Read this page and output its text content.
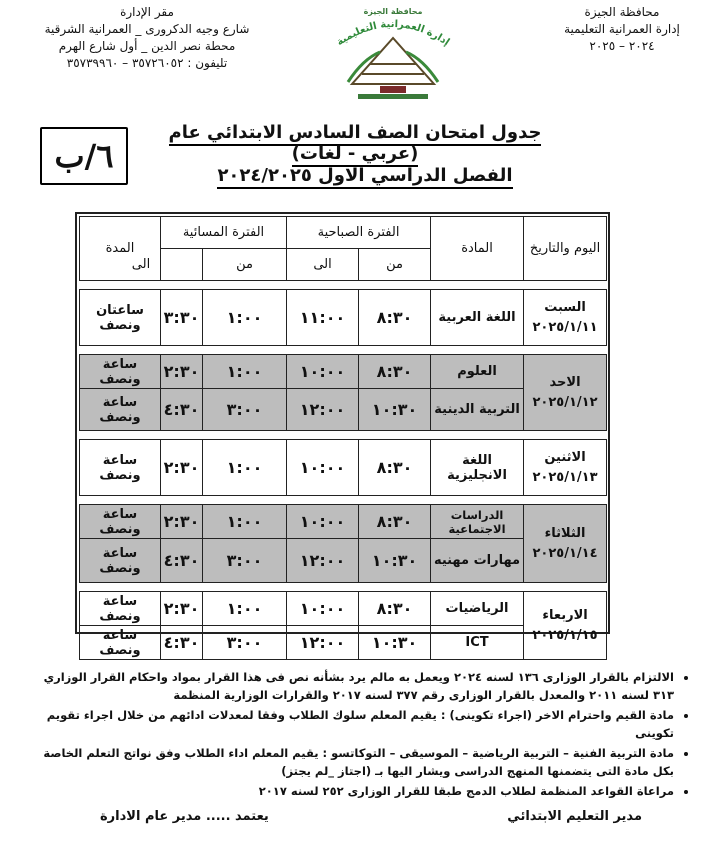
محافظة الجيزة
إدارة العمرانية التعليمية
٢٠٢٤ – ٢٠٢٥
مقر الإدارة
شارع وجيه الدكرورى _ العمرانية الشرقية
محطة نصر الدين _ أول شارع الهرم
تليفون : ٣٥٧٢٦٠٥٢ – ٣٥٧٣٩٩٦٠
محافظة الجيزة
إدارة العمرانية التعليمية
٦/ب
جدول امتحان الصف السادس الابتدائي عام (عربي - لغات)
الفصل الدراسي الاول ٢٠٢٤/٢٠٢٥
اليوم والتاريخ	المادة	الفترة الصباحية		الفترة المسائية		المدة
		من	الى	من	الى	

السبت
٢٠٢٥/١/١١	اللغة العربية	٨:٣٠	١١:٠٠	١:٠٠	٣:٣٠	ساعتان ونصف

الاحد
٢٠٢٥/١/١٢	العلوم	٨:٣٠	١٠:٠٠	١:٠٠	٢:٣٠	ساعة ونصف
	التربية الدينية	١٠:٣٠	١٢:٠٠	٣:٠٠	٤:٣٠	ساعة ونصف

الاثنين
٢٠٢٥/١/١٣	اللغة الانجليزية	٨:٣٠	١٠:٠٠	١:٠٠	٢:٣٠	ساعة ونصف

الثلاثاء
٢٠٢٥/١/١٤	الدراسات الاجتماعية	٨:٣٠	١٠:٠٠	١:٠٠	٢:٣٠	ساعة ونصف
	مهارات مهنيه	١٠:٣٠	١٢:٠٠	٣:٠٠	٤:٣٠	ساعة ونصف

الاربعاء
٢٠٢٥/١/١٥	الرياضيات	٨:٣٠	١٠:٠٠	١:٠٠	٢:٣٠	ساعة ونصف
	ICT	١٠:٣٠	١٢:٠٠	٣:٠٠	٤:٣٠	ساعة ونصف
• الالتزام بالقرار الوزارى ١٣٦ لسنه ٢٠٢٤ ويعمل به مالم يرد بشأنه نص فى هذا القرار بمواد واحكام القرار الوزاري ٣١٣ لسنه ٢٠١١ والمعدل بالقرار الوزارى رقم ٣٧٧ لسنه ٢٠١٧ والقرارات الوزارية المنظمة
• مادة القيم واحترام الاخر (اجراء تكوينى) : يقيم المعلم سلوك الطلاب وفقا لمعدلات ادائهم من خلال اجراء تقويم تكوينى
• مادة التربية الفنية – التربية الرياضية – الموسيقى – التوكاتسو : يقيم المعلم اداء الطلاب وفق نواتج التعلم الخاصة بكل مادة التى يتضمنها المنهج الدراسى ويشار اليها بـ (اجتاز _لم يجتز)
• مراعاة القواعد المنظمة لطلاب الدمج طبقا للقرار الوزارى ٢٥٢ لسنه ٢٠١٧
مدير التعليم الابتدائي
يعتمد ..... مدير عام الادارة
